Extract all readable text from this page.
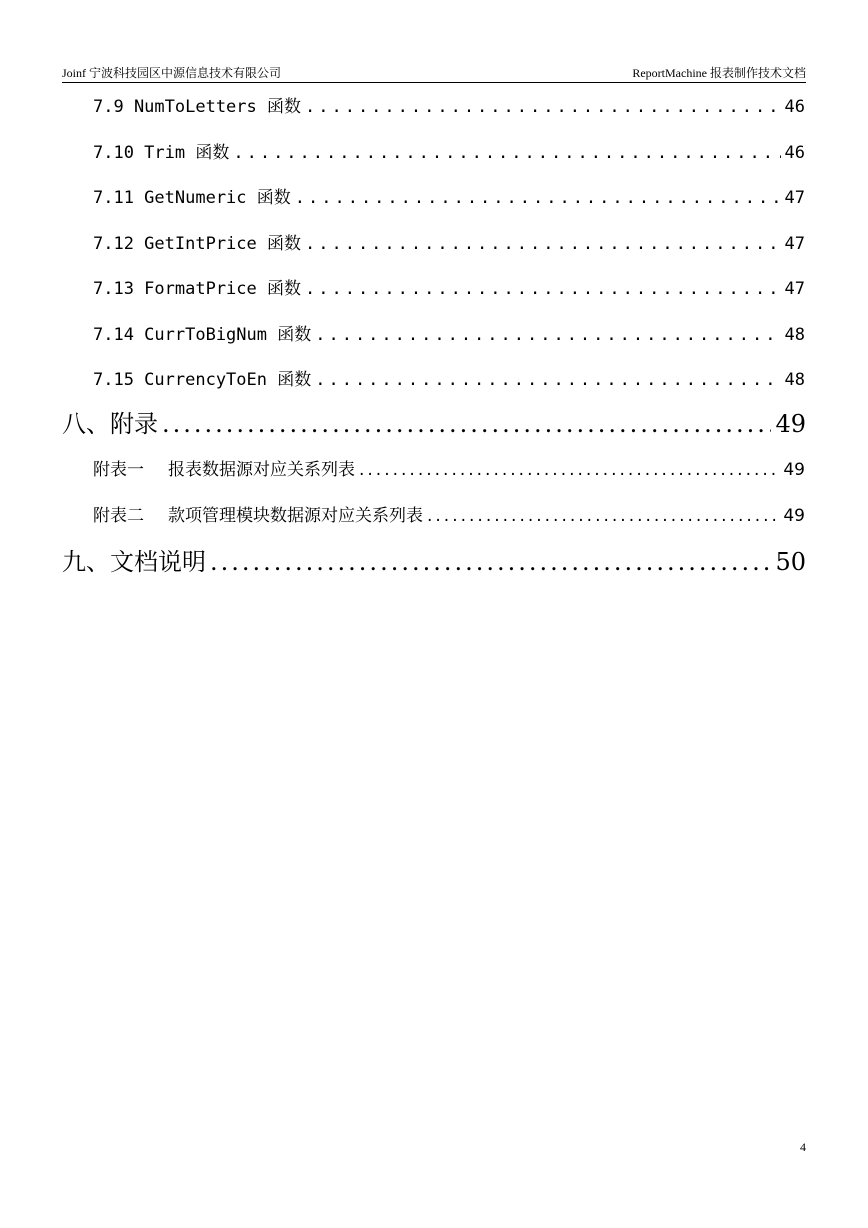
Joinf 宁波科技园区中源信息技术有限公司	ReportMachine 报表制作技术文档
7.9 NumToLetters 函数 .....	46
7.10 Trim 函数 .....	46
7.11 GetNumeric 函数 .....	47
7.12 GetIntPrice 函数 .....	47
7.13 FormatPrice 函数 .....	47
7.14 CurrToBigNum 函数 .....	48
7.15 CurrencyToEn 函数 .....	48
八、附录 .....	49
附表一 报表数据源对应关系列表 .....	49
附表二 款项管理模块数据源对应关系列表 .....	49
九、文档说明 .....	50
4
